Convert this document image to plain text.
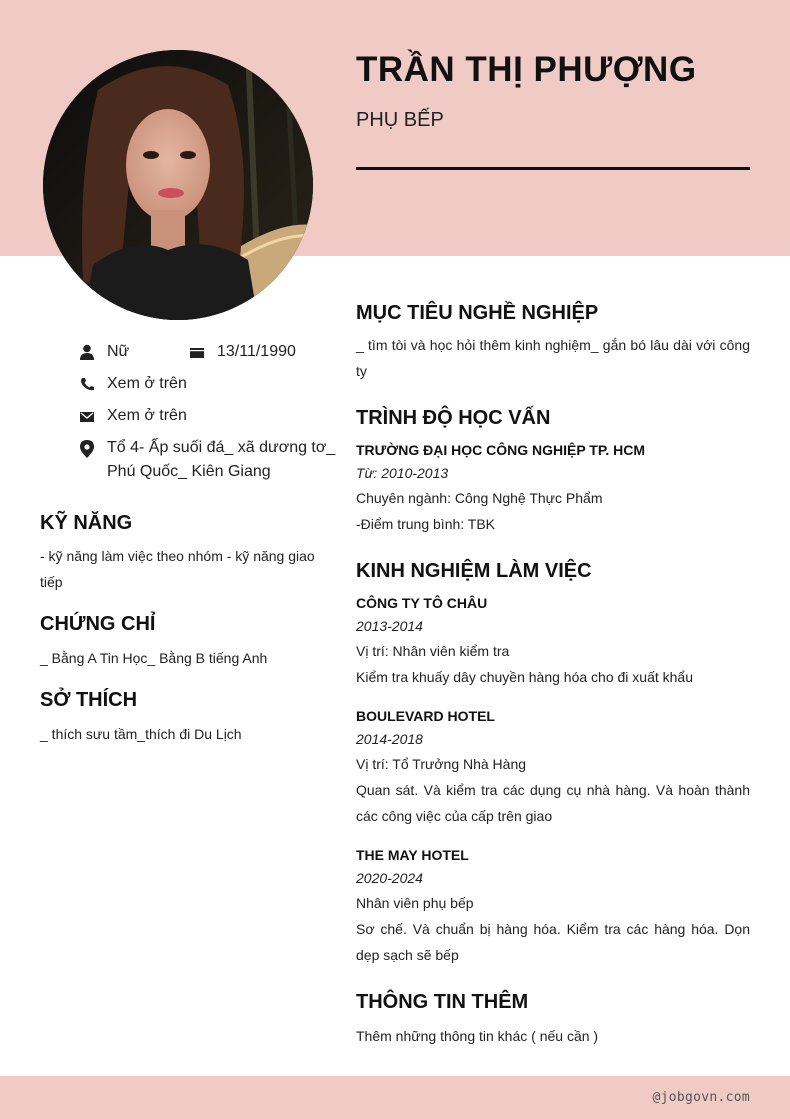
TRẦN THỊ PHƯỢNG
PHỤ BẾP
Nữ	13/11/1990
Xem ở trên
Xem ở trên
Tổ 4- Ấp suối đá_ xã dương tơ_ Phú Quốc_ Kiên Giang
KỸ NĂNG
- kỹ năng làm việc theo nhóm - kỹ năng giao tiếp
CHỨNG CHỈ
_ Bằng A Tin Học_ Bằng B tiếng Anh
SỞ THÍCH
_ thích sưu tầm_thích đi Du Lịch
MỤC TIÊU NGHỀ NGHIỆP
_ tìm tòi và học hỏi thêm kinh nghiệm_ gắn bó lâu dài với công ty
TRÌNH ĐỘ HỌC VẤN
TRƯỜNG ĐẠI HỌC CÔNG NGHIỆP TP. HCM
Từ: 2010-2013
Chuyên ngành: Công Nghệ Thực Phẩm
-Điểm trung bình: TBK
KINH NGHIỆM LÀM VIỆC
CÔNG TY TÔ CHÂU
2013-2014
Vị trí: Nhân viên kiểm tra
Kiểm tra khuấy dây chuyền hàng hóa cho đi xuất khẩu
BOULEVARD HOTEL
2014-2018
Vị trí: Tổ Trưởng Nhà Hàng
Quan sát. Và kiểm tra các dụng cụ nhà hàng. Và hoàn thành các công việc của cấp trên giao
THE MAY HOTEL
2020-2024
Nhân viên phụ bếp
Sơ chế. Và chuẩn bị hàng hóa. Kiểm tra các hàng hóa. Dọn dẹp sạch sẽ bếp
THÔNG TIN THÊM
Thêm những thông tin khác ( nếu cần )
@jobgovn.com
